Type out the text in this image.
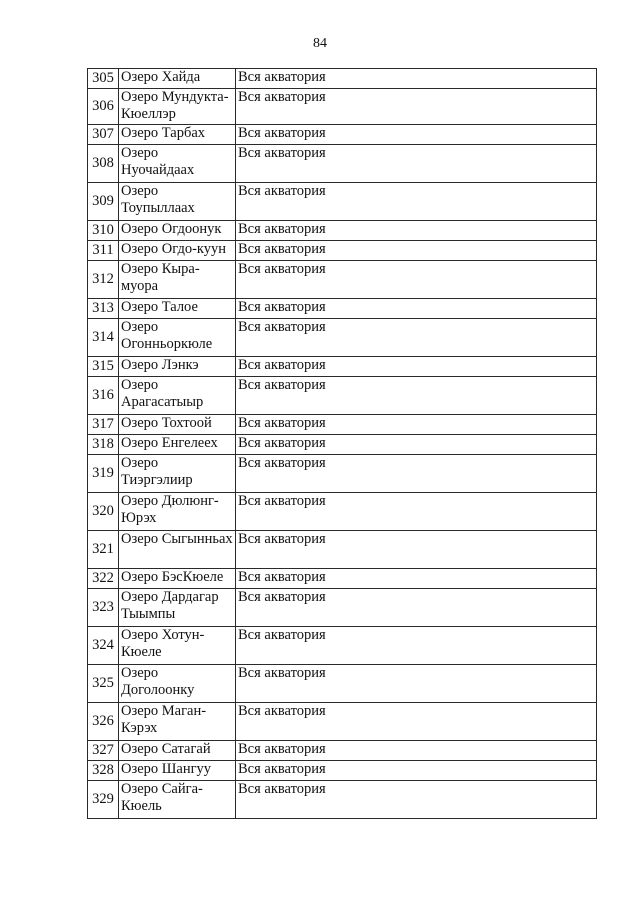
84
305	Озеро Хайда	Вся акватория
306	Озеро Мундукта-Кюеллэр	Вся акватория
307	Озеро Тарбах	Вся акватория
308	Озеро Нуочайдаах	Вся акватория
309	Озеро Тоупыллаах	Вся акватория
310	Озеро Огдоонук	Вся акватория
311	Озеро Огдо-куун	Вся акватория
312	Озеро Кыра-муора	Вся акватория
313	Озеро Талое	Вся акватория
314	Озеро Огонньоркюле	Вся акватория
315	Озеро Лэнкэ	Вся акватория
316	Озеро Арагасатыыр	Вся акватория
317	Озеро Тохтоой	Вся акватория
318	Озеро Енгелеех	Вся акватория
319	Озеро Тиэргэлиир	Вся акватория
320	Озеро Дюлюнг-Юрэх	Вся акватория
321	Озеро Сыгынньах	Вся акватория
322	Озеро БэсКюеле	Вся акватория
323	Озеро Дардагар Тыымпы	Вся акватория
324	Озеро Хотун-Кюеле	Вся акватория
325	Озеро Доголоонку	Вся акватория
326	Озеро Маган-Кэрэх	Вся акватория
327	Озеро Сатагай	Вся акватория
328	Озеро Шангуу	Вся акватория
329	Озеро Сайга-Кюель	Вся акватория
